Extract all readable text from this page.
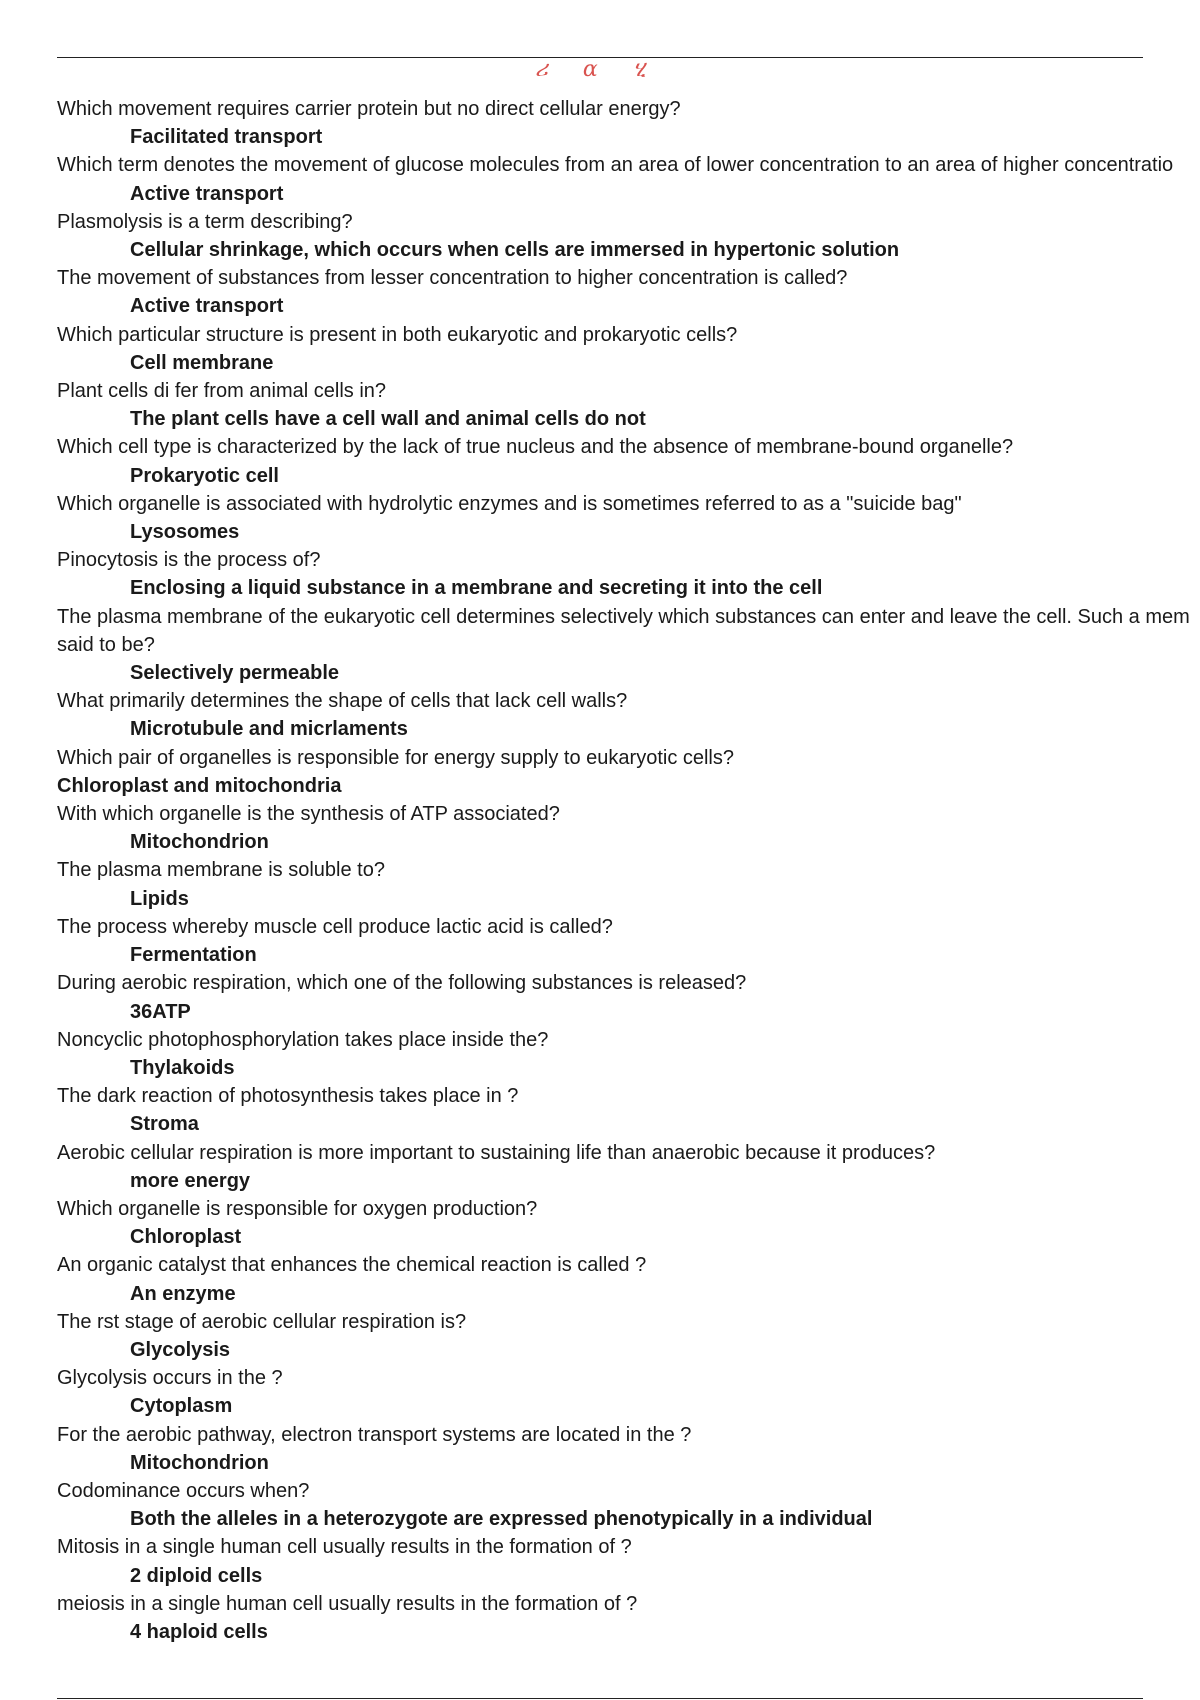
ሪ α ሂ
Which movement requires carrier protein but no direct cellular energy?
Facilitated transport
Which term denotes the movement of glucose molecules from an area of lower concentration to an area of higher concentratio
Active transport
Plasmolysis is a term describing?
Cellular shrinkage, which occurs when cells are immersed in hypertonic solution
The movement of substances from lesser concentration to higher concentration is called?
Active transport
Which particular structure is present in both eukaryotic and prokaryotic cells?
Cell membrane
Plant cells di fer from animal cells in?
The plant cells have a cell wall and animal cells do not
Which cell type is characterized by the lack of true nucleus and the absence of membrane-bound organelle?
Prokaryotic cell
Which organelle is associated with hydrolytic enzymes and is sometimes referred to as a "suicide bag"
Lysosomes
Pinocytosis is the process of?
Enclosing a liquid substance in a membrane and secreting it into the cell
The plasma membrane of the eukaryotic cell determines selectively which substances can enter and leave the cell. Such a mem said to be?
Selectively permeable
What primarily determines the shape of cells that lack cell walls?
Microtubule and micrlaments
Which pair of organelles is responsible for energy supply to eukaryotic cells?
Chloroplast and mitochondria
With which organelle is the synthesis of ATP associated?
Mitochondrion
The plasma membrane is soluble to?
Lipids
The process whereby muscle cell produce lactic acid is called?
Fermentation
During aerobic respiration, which one of the following substances is released?
36ATP
Noncyclic photophosphorylation takes place inside the?
Thylakoids
The dark reaction of photosynthesis takes place in ?
Stroma
Aerobic cellular respiration is more important to sustaining life than anaerobic because it produces?
more energy
Which organelle is responsible for oxygen production?
Chloroplast
An organic catalyst that enhances the chemical reaction is called ?
An enzyme
The rst stage of aerobic cellular respiration is?
Glycolysis
Glycolysis occurs in the ?
Cytoplasm
For the aerobic pathway, electron transport systems are located in the ?
Mitochondrion
Codominance occurs when?
Both the alleles in a heterozygote are expressed phenotypically in a individual
Mitosis in a single human cell usually results in the formation of ?
2 diploid cells
meiosis in a single human cell usually results in the formation of ?
4 haploid cells
